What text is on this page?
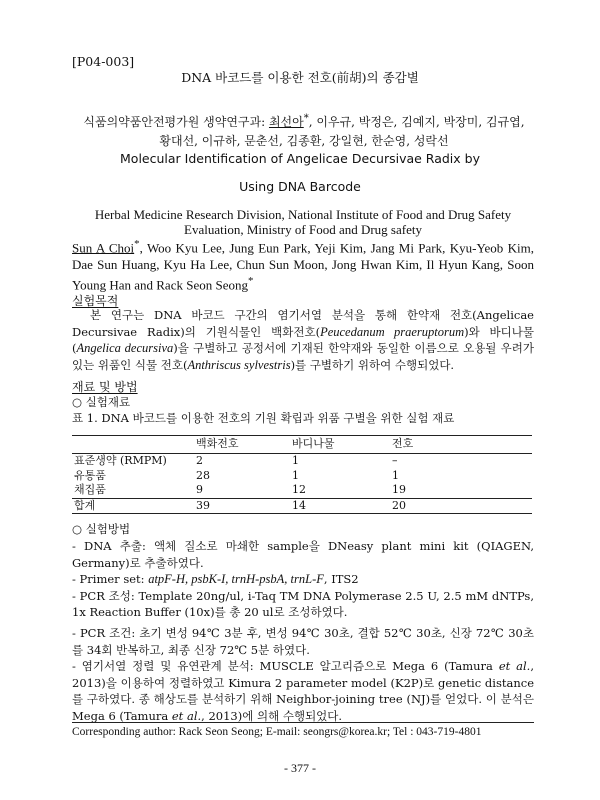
[P04-003]
DNA 바코드를 이용한 전호(前胡)의 종감별
식품의약품안전평가원 생약연구과: 최선아*, 이우규, 박정은, 김예지, 박장미, 김규엽,
황대선, 이규하, 문춘선, 김종환, 강일현, 한순영, 성락선
Molecular Identification of Angelicae Decursivae Radix by
Using DNA Barcode
Herbal Medicine Research Division, National Institute of Food and Drug Safety
Evaluation, Ministry of Food and Drug safety
Sun A Choi*, Woo Kyu Lee, Jung Eun Park, Yeji Kim, Jang Mi Park, Kyu-Yeob Kim, Dae Sun Huang, Kyu Ha Lee, Chun Sun Moon, Jong Hwan Kim, Il Hyun Kang, Soon Young Han and Rack Seon Seong*
실험목적

본 연구는 DNA 바코드 구간의 염기서열 분석을 통해 한약재 전호(Angelicae Decursivae Radix)의 기원식물인 백화전호(Peucedanum praeruptorum)와 바디나물(Angelica decursiva)을 구별하고 공정서에 기재된 한약재와 동일한 이름으로 오용될 우려가 있는 위품인 식물 전호(Anthriscus sylvestris)를 구별하기 위하여 수행되었다.

재료 및 방법
○ 실험재료
표 1. DNA 바코드를 이용한 전호의 기원 확립과 위품 구별을 위한 실험 재료
	백화전호	바디나물	전호
표준생약 (RMPM)	2	1	–
유통품	28	1	1
채집품	9	12	19
합계	39	14	20
○ 실험방법

- DNA 추출: 액체 질소로 마쇄한 sample을 DNeasy plant mini kit (QIAGEN, Germany)로 추출하였다.

- Primer set: atpF-H, psbK-I, trnH-psbA, trnL-F, ITS2

- PCR 조성: Template 20ng/ul, i-Taq TM DNA Polymerase 2.5 U, 2.5 mM dNTPs, 1x Reaction Buffer (10x)를 총 20 ul로 조성하였다.

- PCR 조건: 초기 변성 94℃ 3분 후, 변성 94℃ 30초, 결합 52℃ 30초, 신장 72℃ 30초를 34회 반복하고, 최종 신장 72℃ 5분 하였다.

- 염기서열 정렬 및 유연관계 분석: MUSCLE 알고리즘으로 Mega 6 (Tamura et al., 2013)을 이용하여 정렬하였고 Kimura 2 parameter model (K2P)로 genetic distance를 구하였다. 종 해상도를 분석하기 위해 Neighbor-joining tree (NJ)를 얻었다. 이 분석은 Mega 6 (Tamura et al., 2013)에 의해 수행되었다.

Corresponding author: Rack Seon Seong; E-mail: seongrs@korea.kr; Tel : 043-719-4801
- 377 -
